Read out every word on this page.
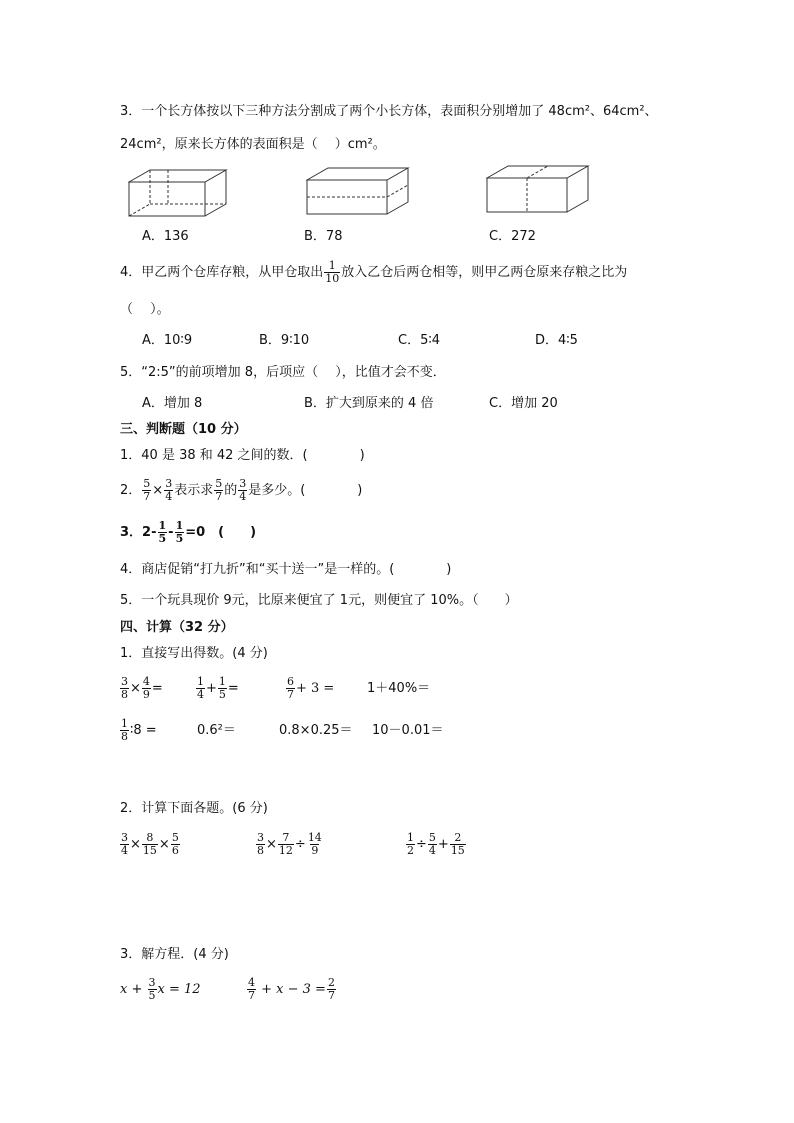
3．一个长方体按以下三种方法分割成了两个小长方体，表面积分别增加了 48cm²、64cm²、
24cm²，原来长方体的表面积是（　 ）cm²。
A．136	B．78	C．272
4．甲乙两个仓库存粮，从甲仓取出 $\frac{1}{10}$ 放入乙仓后两仓相等，则甲乙两仓原来存粮之比为
（　 ）。
A．10∶9	B．9∶10	C．5∶4	D．4∶5
5．“2:5”的前项增加 8，后项应（　 ），比值才会不变．
A．增加 8	B．扩大到原来的 4 倍	C．增加 20
三、判断题（10 分）
1．40 是 38 和 42 之间的数．(　　　　)
2． $\frac{5}{7} \times \frac{3}{4}$ 表示求 $\frac{5}{7}$ 的 $\frac{3}{4}$ 是多少。(　　　　)
3．$2- \frac{1}{5} - \frac{1}{5} =0$　(　　)
4．商店促销“打九折”和“买十送一”是一样的。(　　　　)
5．一个玩具现价 9元，比原来便宜了 1元，则便宜了 10%。（　　）
四、计算（32 分）
1．直接写出得数。(4 分)
$\frac{3}{8} \times \frac{4}{9}$ =	$\frac{1}{4} + \frac{1}{5}$ =	$\frac{6}{7} + 3$ =	1＋40%＝
$\frac{1}{8}$ ∶8 =	0.6²＝	0.8×0.25＝ 10－0.01＝
2．计算下面各题。(6 分)
$\frac{3}{4} \times \frac{8}{15} \times \frac{5}{6}$	$\frac{3}{8} \times \frac{7}{12} \div \frac{14}{9}$	$\frac{1}{2} \div \frac{5}{4} + \frac{2}{15}$
3．解方程．(4 分)
$x + \frac{3}{5}$ x = 12	$\frac{4}{7} + x - 3 = \frac{2}{7}$
